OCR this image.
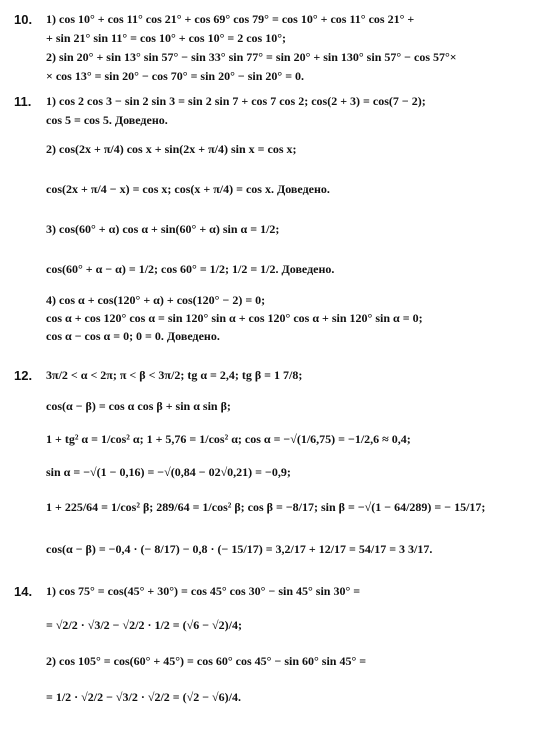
10. 1) cos 10° + cos 11° cos 21° + cos 69° cos 79° = cos 10° + cos 11° cos 21° +
+ sin 21° sin 11° = cos 10° + cos 10° = 2 cos 10°;
2) sin 20° + sin 13° sin 57° − sin 33° sin 77° = sin 20° + sin 130° sin 57° − cos 57°×
× cos 13° = sin 20° − cos 70° = sin 20° − sin 20° = 0.
11. 1) cos 2 cos 3 − sin 2 sin 3 = sin 2 sin 7 + cos 7 cos 2; cos(2 + 3) = cos(7 − 2);
cos 5 = cos 5. Доведено.
2) cos(2x + π/4) cos x + sin(2x + π/4) sin x = cos x;
cos(2x + π/4 − x) = cos x; cos(x + π/4) = cos x. Доведено.
3) cos(60° + α) cos α + sin(60° + α) sin α = 1/2;
cos(60° + α − α) = 1/2; cos 60° = 1/2; 1/2 = 1/2. Доведено.
4) cos α + cos(120° + α) + cos(120° − 2) = 0;
cos α + cos 120° cos α = sin 120° sin α + cos 120° cos α + sin 120° sin α = 0;
cos α − cos α = 0; 0 = 0. Доведено.
12. 3π/2 < α < 2π; π < β < 3π/2; tg α = 2,4; tg β = 1 7/8;
cos(α − β) = cos α cos β + sin α sin β;
1 + tg² α = 1/cos² α; 1 + 5,76 = 1/cos² α; cos α = −√(1/6,75) = −1/2,6 ≈ 0,4;
sin α = −√(1 − 0,16) = −√(0,84 − 02√0,21) = −0,9;
1 + 225/64 = 1/cos² β; 289/64 = 1/cos² β; cos β = −8/17; sin β = −√(1 − 64/289) = − 15/17;
cos(α − β) = −0,4 · (− 8/17) − 0,8 · (− 15/17) = 3,2/17 + 12/17 = 54/17 = 3 3/17.
14. 1) cos 75° = cos(45° + 30°) = cos 45° cos 30° − sin 45° sin 30° =
= √2/2 · √3/2 − √2/2 · 1/2 = (√6 − √2)/4;
2) cos 105° = cos(60° + 45°) = cos 60° cos 45° − sin 60° sin 45° =
= 1/2 · √2/2 − √3/2 · √2/2 = (√2 − √6)/4.
